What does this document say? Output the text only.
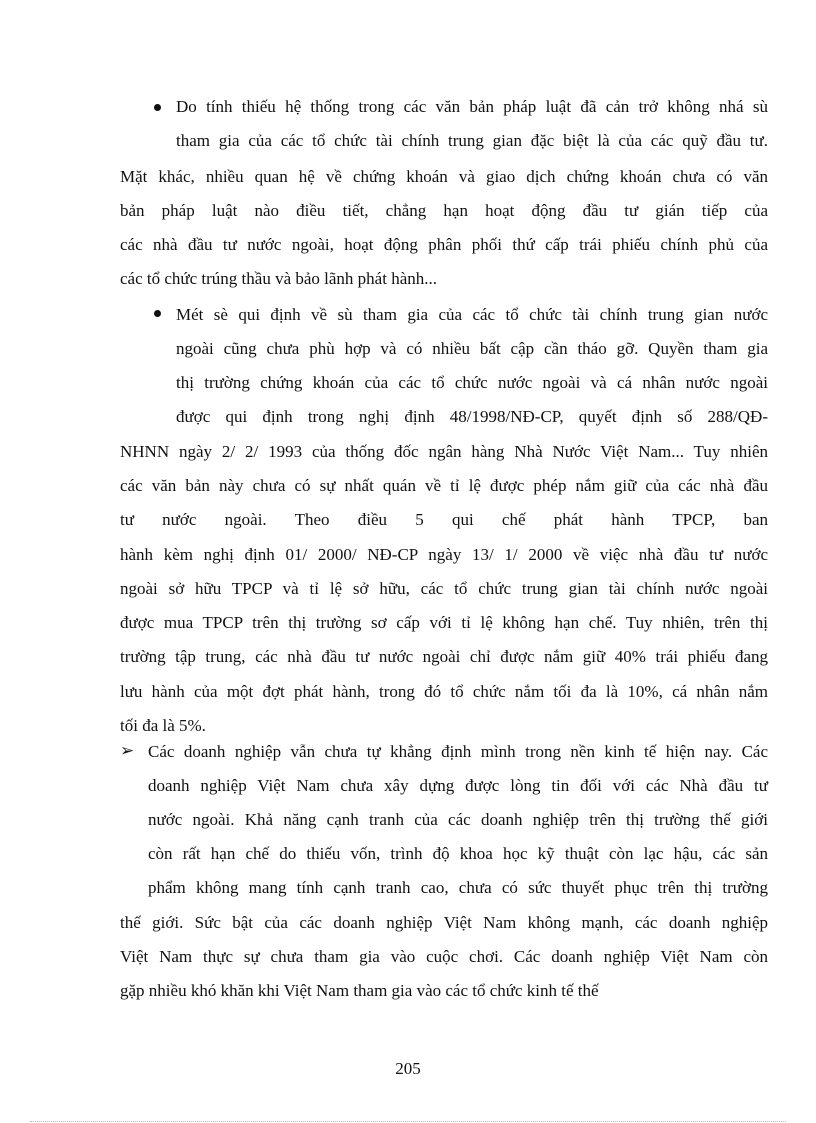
➢
Do tính thiếu hệ thống trong các văn bản pháp luật đã cản trở không nhá sù
tham gia của các tổ chức tài chính trung gian đặc biệt là của các quỹ đầu tư.
Mặt khác, nhiều quan hệ về chứng khoán và giao dịch chứng khoán chưa có văn
bản pháp luật nào điều tiết, chẳng hạn hoạt động đầu tư gián tiếp của
các nhà đầu tư nước ngoài, hoạt động phân phối thứ cấp trái phiếu chính phủ của
các tổ chức trúng thầu và bảo lãnh phát hành...
Mét sè qui định về sù tham gia của các tổ chức tài chính trung gian nước
ngoài cũng chưa phù hợp và có nhiều bất cập cần tháo gỡ. Quyền tham gia
thị trường chứng khoán của các tổ chức nước ngoài và cá nhân nước ngoài
được qui định trong nghị định 48/1998/NĐ-CP, quyết định số 288/QĐ-
NHNN ngày 2/ 2/ 1993 của thống đốc ngân hàng Nhà Nước Việt Nam... Tuy nhiên
các văn bản này chưa có sự nhất quán về tỉ lệ được phép nắm giữ của các nhà đầu
tư nước ngoài. Theo điều 5 qui chế phát hành TPCP, ban
hành kèm nghị định 01/ 2000/ NĐ-CP ngày 13/ 1/ 2000 về việc nhà đầu tư nước
ngoài sở hữu TPCP và tỉ lệ sở hữu, các tổ chức trung gian tài chính nước ngoài
được mua TPCP trên thị trường sơ cấp với tỉ lệ không hạn chế. Tuy nhiên, trên thị
trường tập trung, các nhà đầu tư nước ngoài chỉ được nắm giữ 40% trái phiếu đang
lưu hành của một đợt phát hành, trong đó tổ chức nắm tối đa là 10%, cá nhân nắm
tối đa là 5%.
Các doanh nghiệp vẫn chưa tự khẳng định mình trong nền kinh tế hiện nay. Các
doanh nghiệp Việt Nam chưa xây dựng được lòng tin đối với các Nhà đầu tư
nước ngoài. Khả năng cạnh tranh của các doanh nghiệp trên thị trường thế giới
còn rất hạn chế do thiếu vốn, trình độ khoa học kỹ thuật còn lạc hậu, các sản
phẩm không mang tính cạnh tranh cao, chưa có sức thuyết phục trên thị trường
thế giới. Sức bật của các doanh nghiệp Việt Nam không mạnh, các doanh nghiệp
Việt Nam thực sự chưa tham gia vào cuộc chơi. Các doanh nghiệp Việt Nam còn
gặp nhiều khó khăn khi Việt Nam tham gia vào các tổ chức kinh tế thế
205
